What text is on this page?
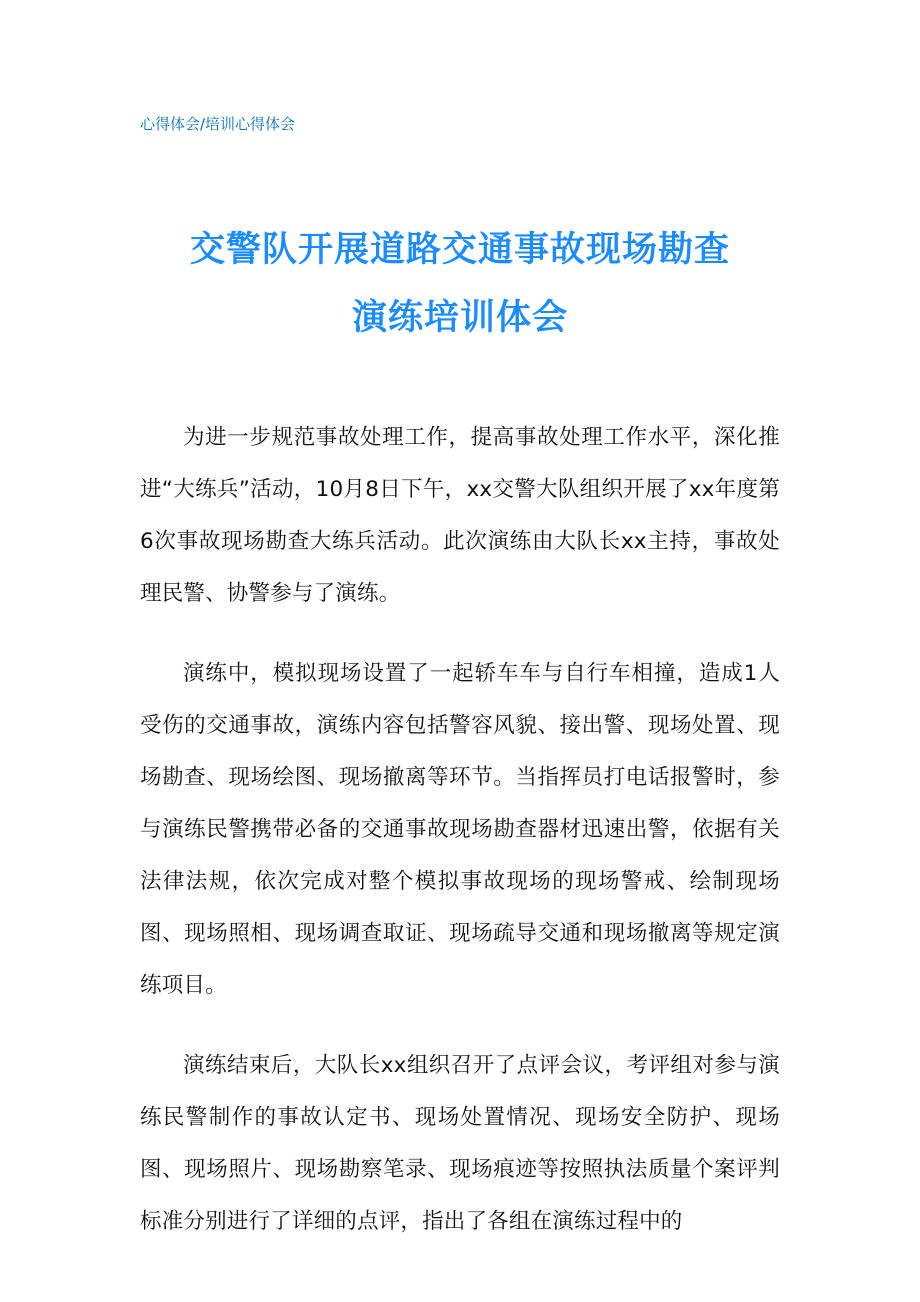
心得体会/培训心得体会
交警队开展道路交通事故现场勘查
演练培训体会

为进一步规范事故处理工作，提高事故处理工作水平，深化推进“大练兵”活动，10月8日下午，xx交警大队组织开展了xx年度第6次事故现场勘查大练兵活动。此次演练由大队长xx主持，事故处理民警、协警参与了演练。

演练中，模拟现场设置了一起轿车车与自行车相撞，造成1人受伤的交通事故，演练内容包括警容风貌、接出警、现场处置、现场勘查、现场绘图、现场撤离等环节。当指挥员打电话报警时，参与演练民警携带必备的交通事故现场勘查器材迅速出警，依据有关法律法规，依次完成对整个模拟事故现场的现场警戒、绘制现场图、现场照相、现场调查取证、现场疏导交通和现场撤离等规定演练项目。

演练结束后，大队长xx组织召开了点评会议，考评组对参与演练民警制作的事故认定书、现场处置情况、现场安全防护、现场图、现场照片、现场勘察笔录、现场痕迹等按照执法质量个案评判标准分别进行了详细的点评，指出了各组在演练过程中的
